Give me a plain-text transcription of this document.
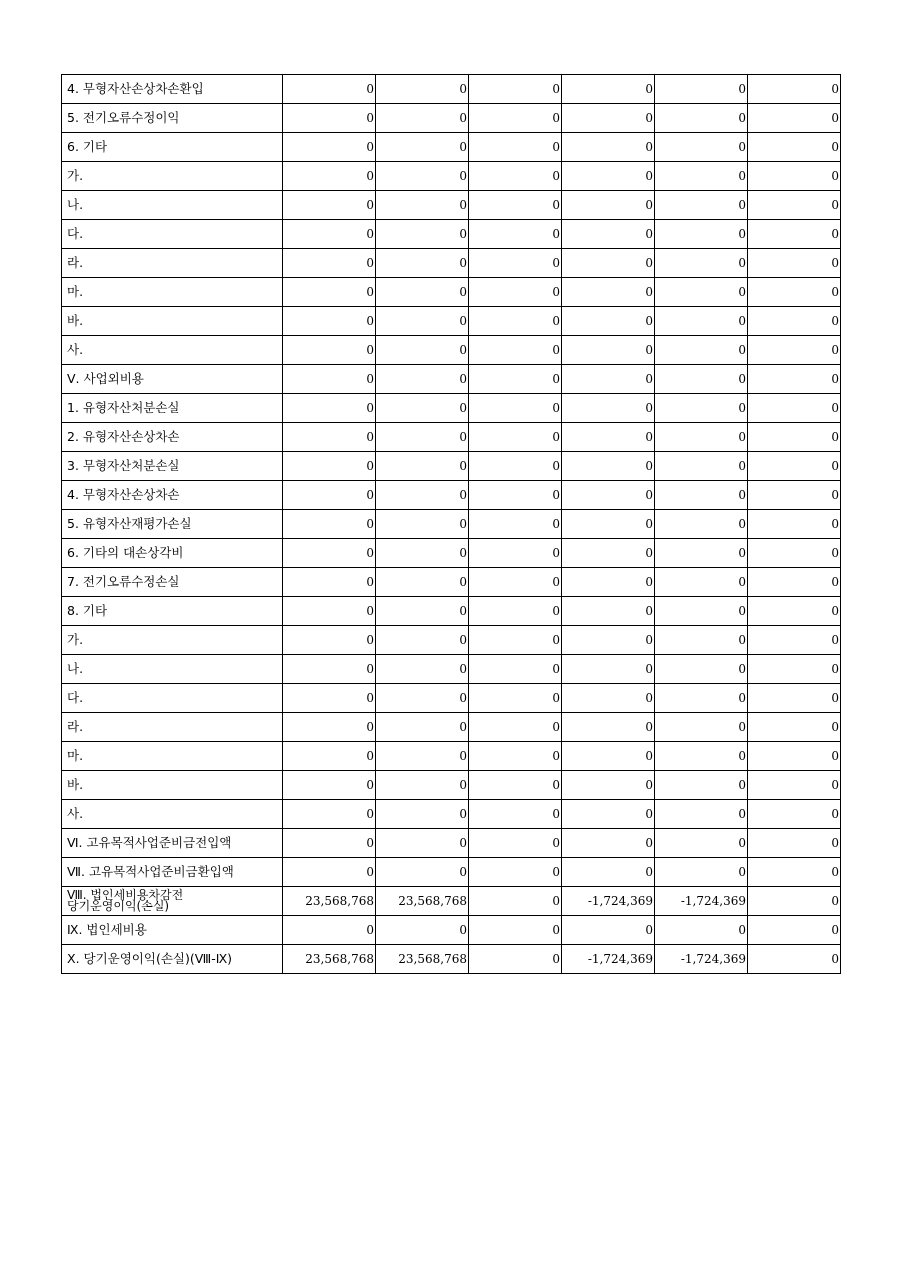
4. 무형자산손상차손환입	0	0	0	0	0	0
5. 전기오류수정이익	0	0	0	0	0	0
6. 기타	0	0	0	0	0	0
가.	0	0	0	0	0	0
나.	0	0	0	0	0	0
다.	0	0	0	0	0	0
라.	0	0	0	0	0	0
마.	0	0	0	0	0	0
바.	0	0	0	0	0	0
사.	0	0	0	0	0	0
Ⅴ. 사업외비용	0	0	0	0	0	0
1. 유형자산처분손실	0	0	0	0	0	0
2. 유형자산손상차손	0	0	0	0	0	0
3. 무형자산처분손실	0	0	0	0	0	0
4. 무형자산손상차손	0	0	0	0	0	0
5. 유형자산재평가손실	0	0	0	0	0	0
6. 기타의 대손상각비	0	0	0	0	0	0
7. 전기오류수정손실	0	0	0	0	0	0
8. 기타	0	0	0	0	0	0
가.	0	0	0	0	0	0
나.	0	0	0	0	0	0
다.	0	0	0	0	0	0
라.	0	0	0	0	0	0
마.	0	0	0	0	0	0
바.	0	0	0	0	0	0
사.	0	0	0	0	0	0
Ⅵ. 고유목적사업준비금전입액	0	0	0	0	0	0
Ⅶ. 고유목적사업준비금환입액	0	0	0	0	0	0

Ⅷ. 법인세비용차감전
당기운영이익(손실)	23,568,768	23,568,768	0	-1,724,369	-1,724,369	0
Ⅸ. 법인세비용	0	0	0	0	0	0
Ⅹ. 당기운영이익(손실)(Ⅷ-Ⅸ)	23,568,768	23,568,768	0	-1,724,369	-1,724,369	0
